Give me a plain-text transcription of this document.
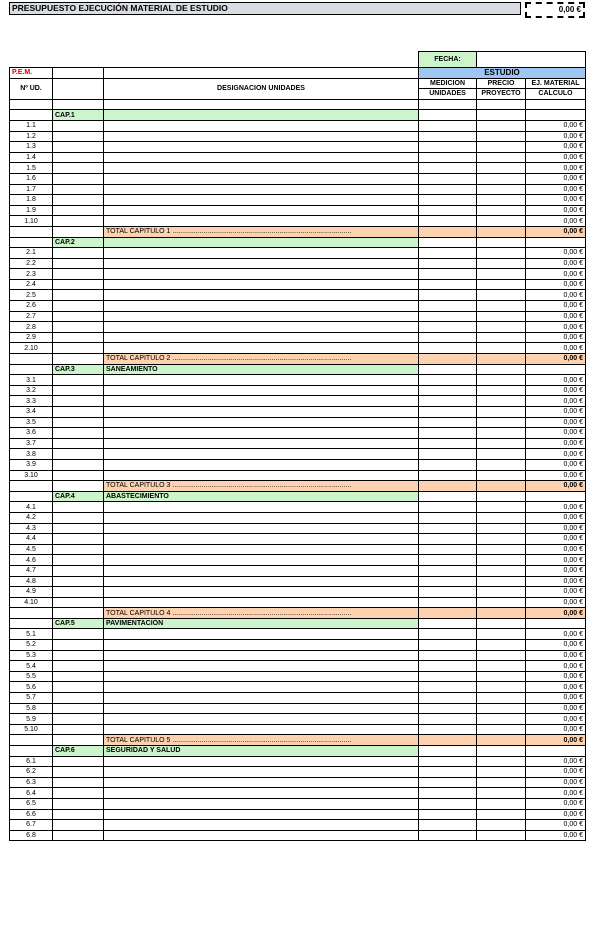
PRESUPUESTO EJECUCIÓN MATERIAL DE ESTUDIO	0,00 €
			FECHA:		
P.E.M.			ESTUDIO		
Nº UD.		DESIGNACION UNIDADES	MEDICION	PRECIO	EJ. MATERIAL
			UNIDADES	PROYECTO	CALCULO

	CAP.1				
1.1					0,00 €
1.2					0,00 €
1.3					0,00 €
1.4					0,00 €
1.5					0,00 €
1.6					0,00 €
1.7					0,00 €
1.8					0,00 €
1.9					0,00 €
1.10					0,00 €
		TOTAL CAPITULO 1 ............................................................................................			0,00 €
	CAP.2				
2.1					0,00 €
2.2					0,00 €
2.3					0,00 €
2.4					0,00 €
2.5					0,00 €
2.6					0,00 €
2.7					0,00 €
2.8					0,00 €
2.9					0,00 €
2.10					0,00 €
		TOTAL CAPITULO 2 ............................................................................................			0,00 €
	CAP.3	SANEAMIENTO			
3.1					0,00 €
3.2					0,00 €
3.3					0,00 €
3.4					0,00 €
3.5					0,00 €
3.6					0,00 €
3.7					0,00 €
3.8					0,00 €
3.9					0,00 €
3.10					0,00 €
		TOTAL CAPITULO 3 ............................................................................................			0,00 €
	CAP.4	ABASTECIMIENTO			
4.1					0,00 €
4.2					0,00 €
4.3					0,00 €
4.4					0,00 €
4.5					0,00 €
4.6					0,00 €
4.7					0,00 €
4.8					0,00 €
4.9					0,00 €
4.10					0,00 €
		TOTAL CAPITULO 4 ............................................................................................			0,00 €
	CAP.5	PAVIMENTACIÓN			
5.1					0,00 €
5.2					0,00 €
5.3					0,00 €
5.4					0,00 €
5.5					0,00 €
5.6					0,00 €
5.7					0,00 €
5.8					0,00 €
5.9					0,00 €
5.10					0,00 €
		TOTAL CAPITULO 5 ............................................................................................			0,00 €
	CAP.6	SEGURIDAD Y SALUD			
6.1					0,00 €
6.2					0,00 €
6.3					0,00 €
6.4					0,00 €
6.5					0,00 €
6.6					0,00 €
6.7					0,00 €
6.8					0,00 €
